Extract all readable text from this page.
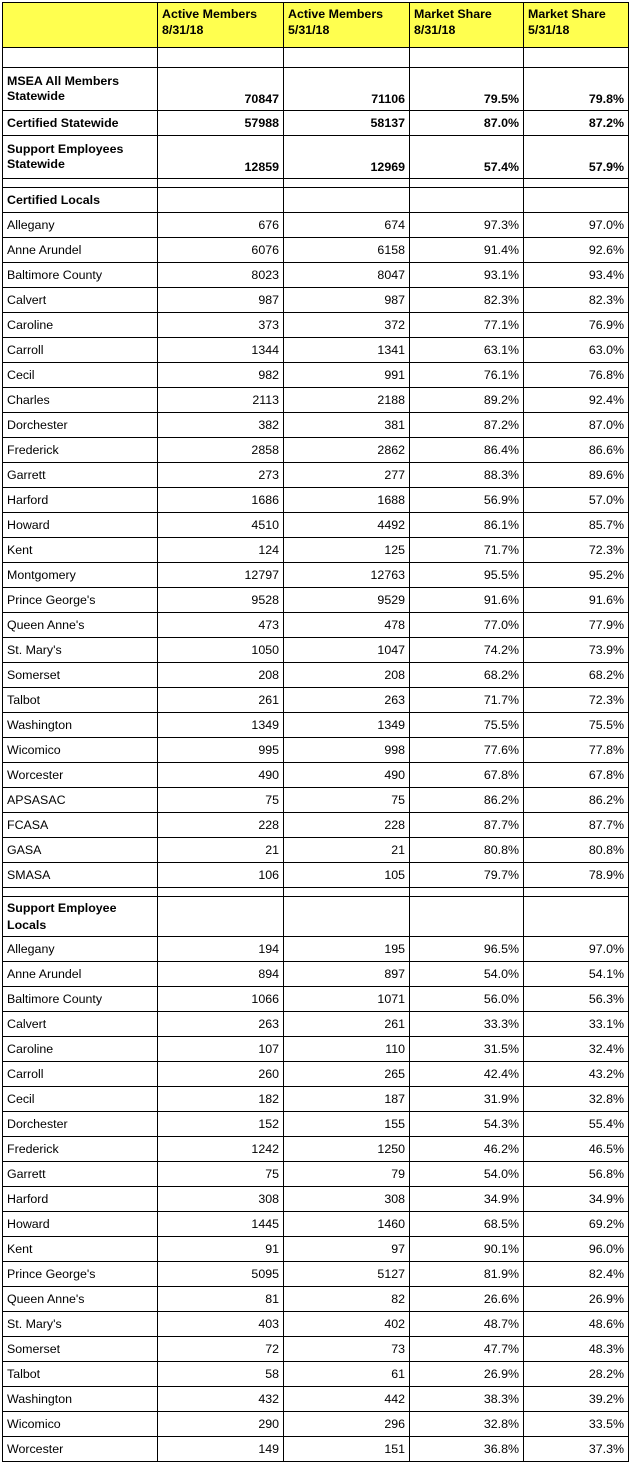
	Active Members 8/31/18	Active Members 5/31/18	Market Share 8/31/18	Market Share 5/31/18

MSEA All Members Statewide	70847	71106	79.5%	79.8%
Certified Statewide	57988	58137	87.0%	87.2%
Support Employees Statewide	12859	12969	57.4%	57.9%

Certified Locals				
Allegany	676	674	97.3%	97.0%
Anne Arundel	6076	6158	91.4%	92.6%
Baltimore County	8023	8047	93.1%	93.4%
Calvert	987	987	82.3%	82.3%
Caroline	373	372	77.1%	76.9%
Carroll	1344	1341	63.1%	63.0%
Cecil	982	991	76.1%	76.8%
Charles	2113	2188	89.2%	92.4%
Dorchester	382	381	87.2%	87.0%
Frederick	2858	2862	86.4%	86.6%
Garrett	273	277	88.3%	89.6%
Harford	1686	1688	56.9%	57.0%
Howard	4510	4492	86.1%	85.7%
Kent	124	125	71.7%	72.3%
Montgomery	12797	12763	95.5%	95.2%
Prince George's	9528	9529	91.6%	91.6%
Queen Anne's	473	478	77.0%	77.9%
St. Mary's	1050	1047	74.2%	73.9%
Somerset	208	208	68.2%	68.2%
Talbot	261	263	71.7%	72.3%
Washington	1349	1349	75.5%	75.5%
Wicomico	995	998	77.6%	77.8%
Worcester	490	490	67.8%	67.8%
APSASAC	75	75	86.2%	86.2%
FCASA	228	228	87.7%	87.7%
GASA	21	21	80.8%	80.8%
SMASA	106	105	79.7%	78.9%

Support Employee Locals				
Allegany	194	195	96.5%	97.0%
Anne Arundel	894	897	54.0%	54.1%
Baltimore County	1066	1071	56.0%	56.3%
Calvert	263	261	33.3%	33.1%
Caroline	107	110	31.5%	32.4%
Carroll	260	265	42.4%	43.2%
Cecil	182	187	31.9%	32.8%
Dorchester	152	155	54.3%	55.4%
Frederick	1242	1250	46.2%	46.5%
Garrett	75	79	54.0%	56.8%
Harford	308	308	34.9%	34.9%
Howard	1445	1460	68.5%	69.2%
Kent	91	97	90.1%	96.0%
Prince George's	5095	5127	81.9%	82.4%
Queen Anne's	81	82	26.6%	26.9%
St. Mary's	403	402	48.7%	48.6%
Somerset	72	73	47.7%	48.3%
Talbot	58	61	26.9%	28.2%
Washington	432	442	38.3%	39.2%
Wicomico	290	296	32.8%	33.5%
Worcester	149	151	36.8%	37.3%
